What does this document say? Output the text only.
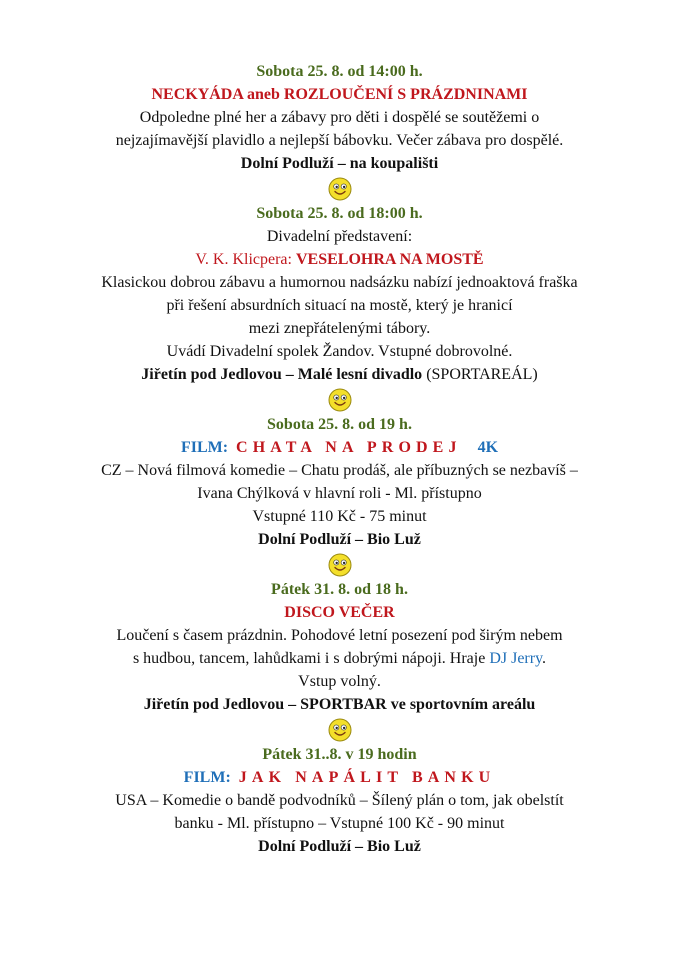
Sobota 25. 8. od 14:00 h.
NECKYÁDA aneb ROZLOUČENÍ S PRÁZDNINAMI
Odpoledne plné her a zábavy pro děti i dospělé se soutěžemi o
nejzajímavější plavidlo a nejlepší bábovku. Večer zábava pro dospělé.
Dolní Podluží – na koupališti
Sobota 25. 8. od 18:00 h.
Divadelní představení:
V. K. Klicpera: VESELOHRA NA MOSTĚ
Klasickou dobrou zábavu a humornou nadsázku nabízí jednoaktová fraška
při řešení absurdních situací na mostě, který je hranicí
mezi znepřátelenými tábory.
Uvádí Divadelní spolek Žandov. Vstupné dobrovolné.
Jiřetín pod Jedlovou – Malé lesní divadlo (SPORTAREÁL)
Sobota 25. 8. od 19 h.
FILM: CHATA NA PRODEJ 4K
CZ – Nová filmová komedie – Chatu prodáš, ale příbuzných se nezbavíš –
Ivana Chýlková v hlavní roli - Ml. přístupno
Vstupné 110 Kč - 75 minut
Dolní Podluží – Bio Luž
Pátek 31. 8. od 18 h.
DISCO VEČER
Loučení s časem prázdnin. Pohodové letní posezení pod širým nebem
s hudbou, tancem, lahůdkami i s dobrými nápoji. Hraje DJ Jerry.
Vstup volný.
Jiřetín pod Jedlovou – SPORTBAR ve sportovním areálu
Pátek 31..8. v 19 hodin
FILM: JAK NAPÁLIT BANKU
USA – Komedie o bandě podvodníků – Šílený plán o tom, jak obelstít
banku - Ml. přístupno – Vstupné 100 Kč - 90 minut
Dolní Podluží – Bio Luž
